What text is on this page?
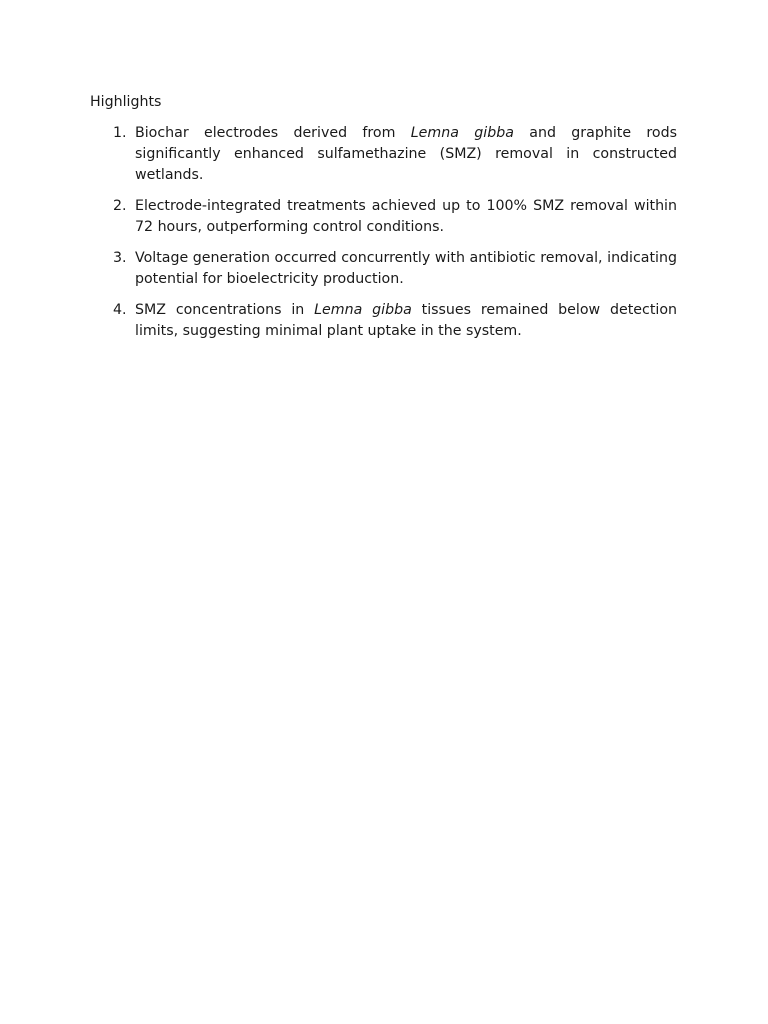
Highlights
1. Biochar electrodes derived from Lemna gibba and graphite rods significantly enhanced sulfamethazine (SMZ) removal in constructed wetlands.
2. Electrode-integrated treatments achieved up to 100% SMZ removal within 72 hours, outperforming control conditions.
3. Voltage generation occurred concurrently with antibiotic removal, indicating potential for bioelectricity production.
4. SMZ concentrations in Lemna gibba tissues remained below detection limits, suggesting minimal plant uptake in the system.
